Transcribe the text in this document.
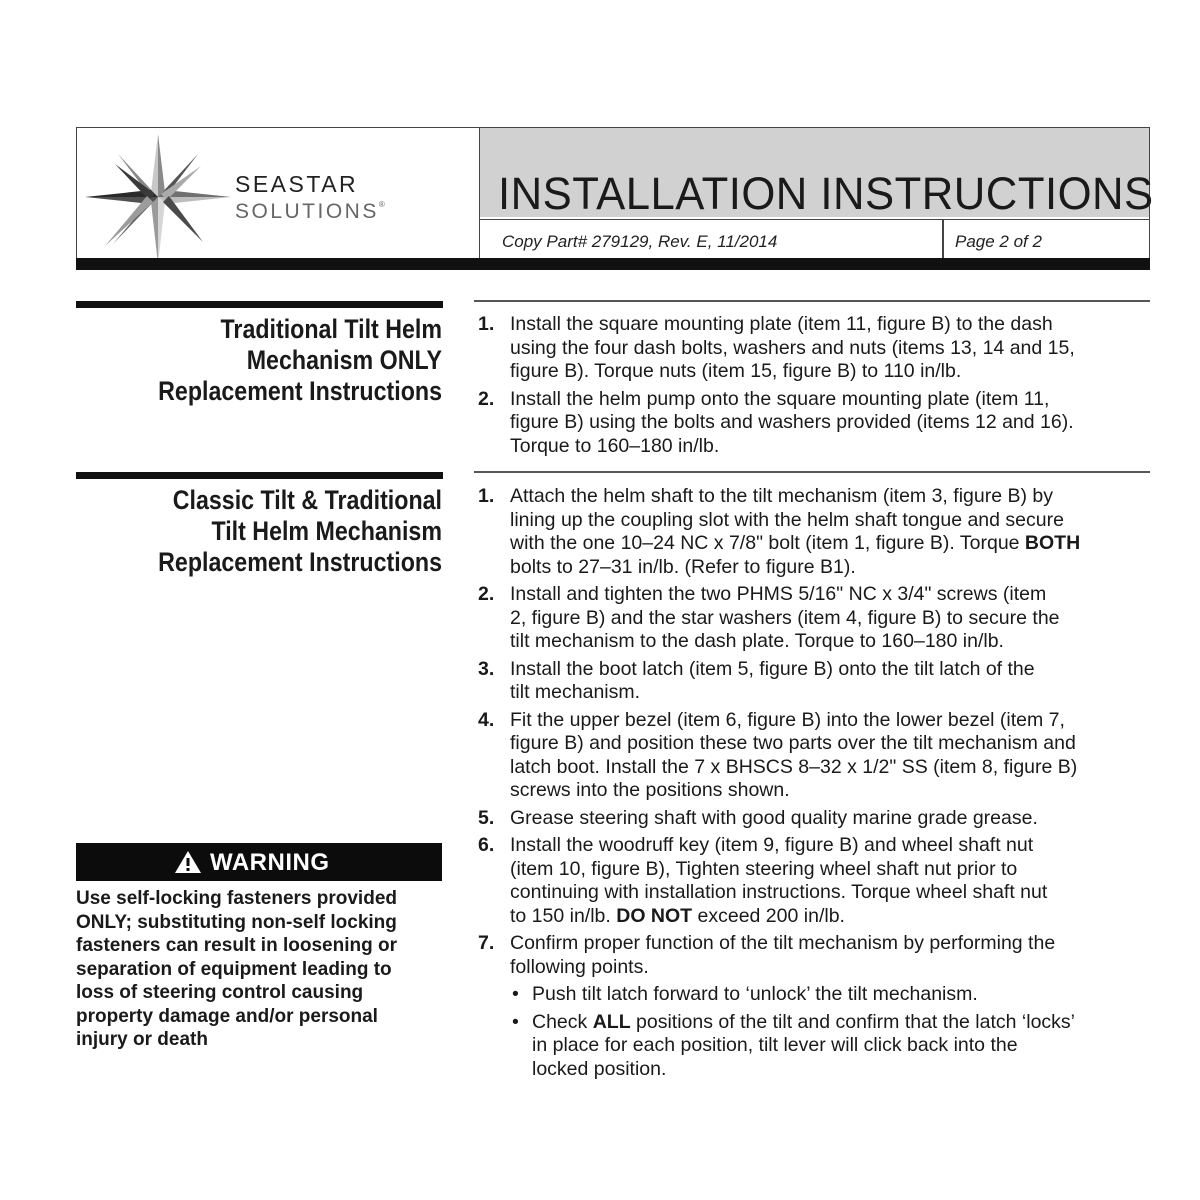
SEASTAR
SOLUTIONS®	INSTALLATION INSTRUCTIONS
Copy Part# 279129, Rev. E, 11/2014	Page 2 of 2
Traditional Tilt Helm
Mechanism ONLY
Replacement Instructions
1. Install the square mounting plate (item 11, figure B) to the dash
using the four dash bolts, washers and nuts (items 13, 14 and 15,
figure B). Torque nuts (item 15, figure B) to 110 in/lb.
2. Install the helm pump onto the square mounting plate (item 11,
figure B) using the bolts and washers provided (items 12 and 16).
Torque to 160–180 in/lb.
Classic Tilt & Traditional
Tilt Helm Mechanism
Replacement Instructions
1. Attach the helm shaft to the tilt mechanism (item 3, figure B) by
lining up the coupling slot with the helm shaft tongue and secure
with the one 10–24 NC x 7/8" bolt (item 1, figure B). Torque BOTH
bolts to 27–31 in/lb. (Refer to figure B1).
2. Install and tighten the two PHMS 5/16" NC x 3/4" screws (item
2, figure B) and the star washers (item 4, figure B) to secure the
tilt mechanism to the dash plate. Torque to 160–180 in/lb.
3. Install the boot latch (item 5, figure B) onto the tilt latch of the
tilt mechanism.
4. Fit the upper bezel (item 6, figure B) into the lower bezel (item 7,
figure B) and position these two parts over the tilt mechanism and
latch boot. Install the 7 x BHSCS 8–32 x 1/2" SS (item 8, figure B)
screws into the positions shown.
5. Grease steering shaft with good quality marine grade grease.
6. Install the woodruff key (item 9, figure B) and wheel shaft nut
(item 10, figure B), Tighten steering wheel shaft nut prior to
continuing with installation instructions. Torque wheel shaft nut
to 150 in/lb. DO NOT exceed 200 in/lb.
7. Confirm proper function of the tilt mechanism by performing the
following points.
• Push tilt latch forward to ‘unlock’ the tilt mechanism.
• Check ALL positions of the tilt and confirm that the latch ‘locks’
in place for each position, tilt lever will click back into the
locked position.
WARNING
Use self-locking fasteners provided
ONLY; substituting non-self locking
fasteners can result in loosening or
separation of equipment leading to
loss of steering control causing
property damage and/or personal
injury or death
